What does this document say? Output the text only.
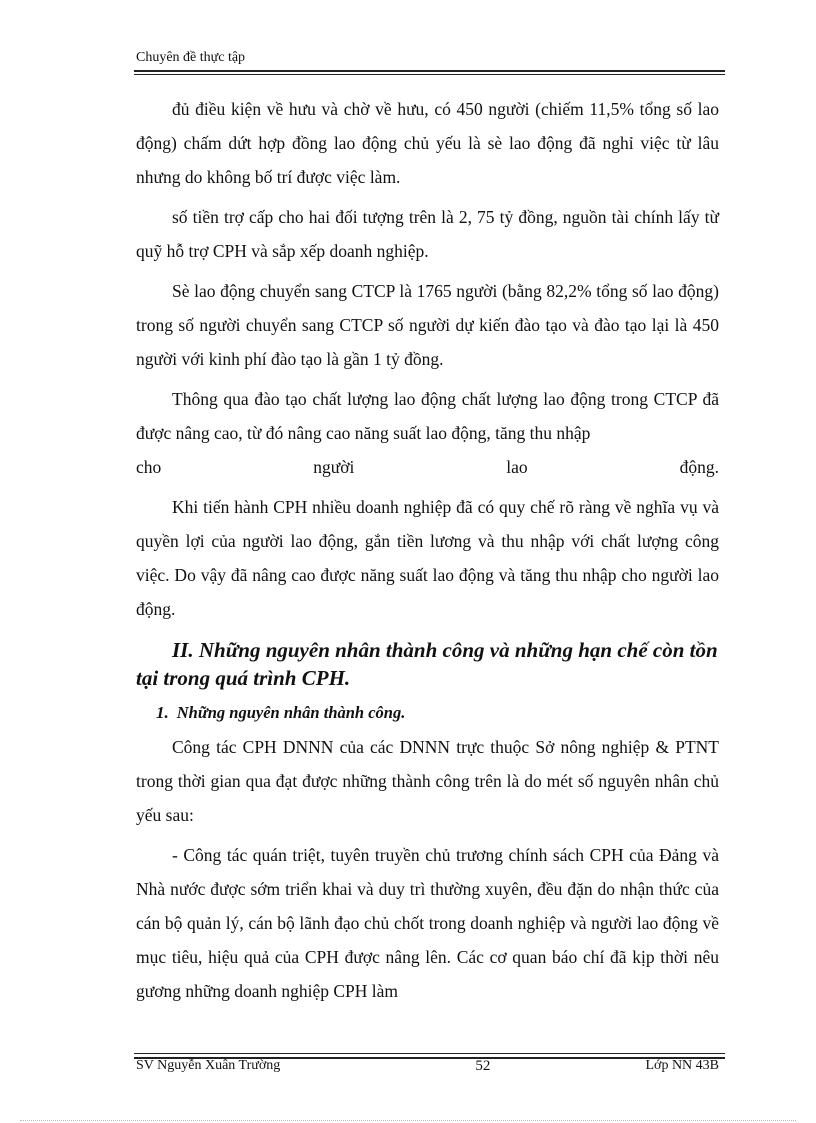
Chuyên đề thực tập

đủ điều kiện về hưu và chờ về hưu, có 450 người (chiếm 11,5% tổng số lao động) chấm dứt hợp đồng lao động chủ yếu là sè lao động đã nghỉ việc từ lâu nhưng do không bố trí được việc làm.

số tiền trợ cấp cho hai đối tượng trên là 2, 75 tỷ đồng, nguồn tài chính lấy từ quỹ hỗ trợ CPH và sắp xếp doanh nghiệp.

Sè lao động chuyển sang CTCP là 1765 người (bằng 82,2% tổng số lao động) trong số người chuyển sang CTCP số người dự kiến đào tạo và đào tạo lại là 450 người với kinh phí đào tạo là gần 1 tỷ đồng.

Thông qua đào tạo chất lượng lao động chất lượng lao động trong CTCP đã được nâng cao, từ đó nâng cao năng suất lao động, tăng thu nhập

cho	người	lao	động.

Khi tiến hành CPH nhiều doanh nghiệp đã có quy chế rõ ràng về nghĩa vụ và quyền lợi của người lao động, gắn tiền lương và thu nhập với chất lượng công việc. Do vậy đã nâng cao được năng suất lao động và tăng thu nhập cho người lao động.

II. Những nguyên nhân thành công và những hạn chế còn tồn tại trong quá trình CPH.
1. Những nguyên nhân thành công.

Công tác CPH DNNN của các DNNN trực thuộc Sở nông nghiệp & PTNT trong thời gian qua đạt được những thành công trên là do mét số nguyên nhân chủ yếu sau:

- Công tác quán triệt, tuyên truyền chủ trương chính sách CPH của Đảng và Nhà nước được sớm triển khai và duy trì thường xuyên, đều đặn do nhận thức của cán bộ quản lý, cán bộ lãnh đạo chủ chốt trong doanh nghiệp và người lao động về mục tiêu, hiệu quả của CPH được nâng lên. Các cơ quan báo chí đã kịp thời nêu gương những doanh nghiệp CPH làm

SV Nguyễn Xuân Trường	52	Lớp NN 43B
